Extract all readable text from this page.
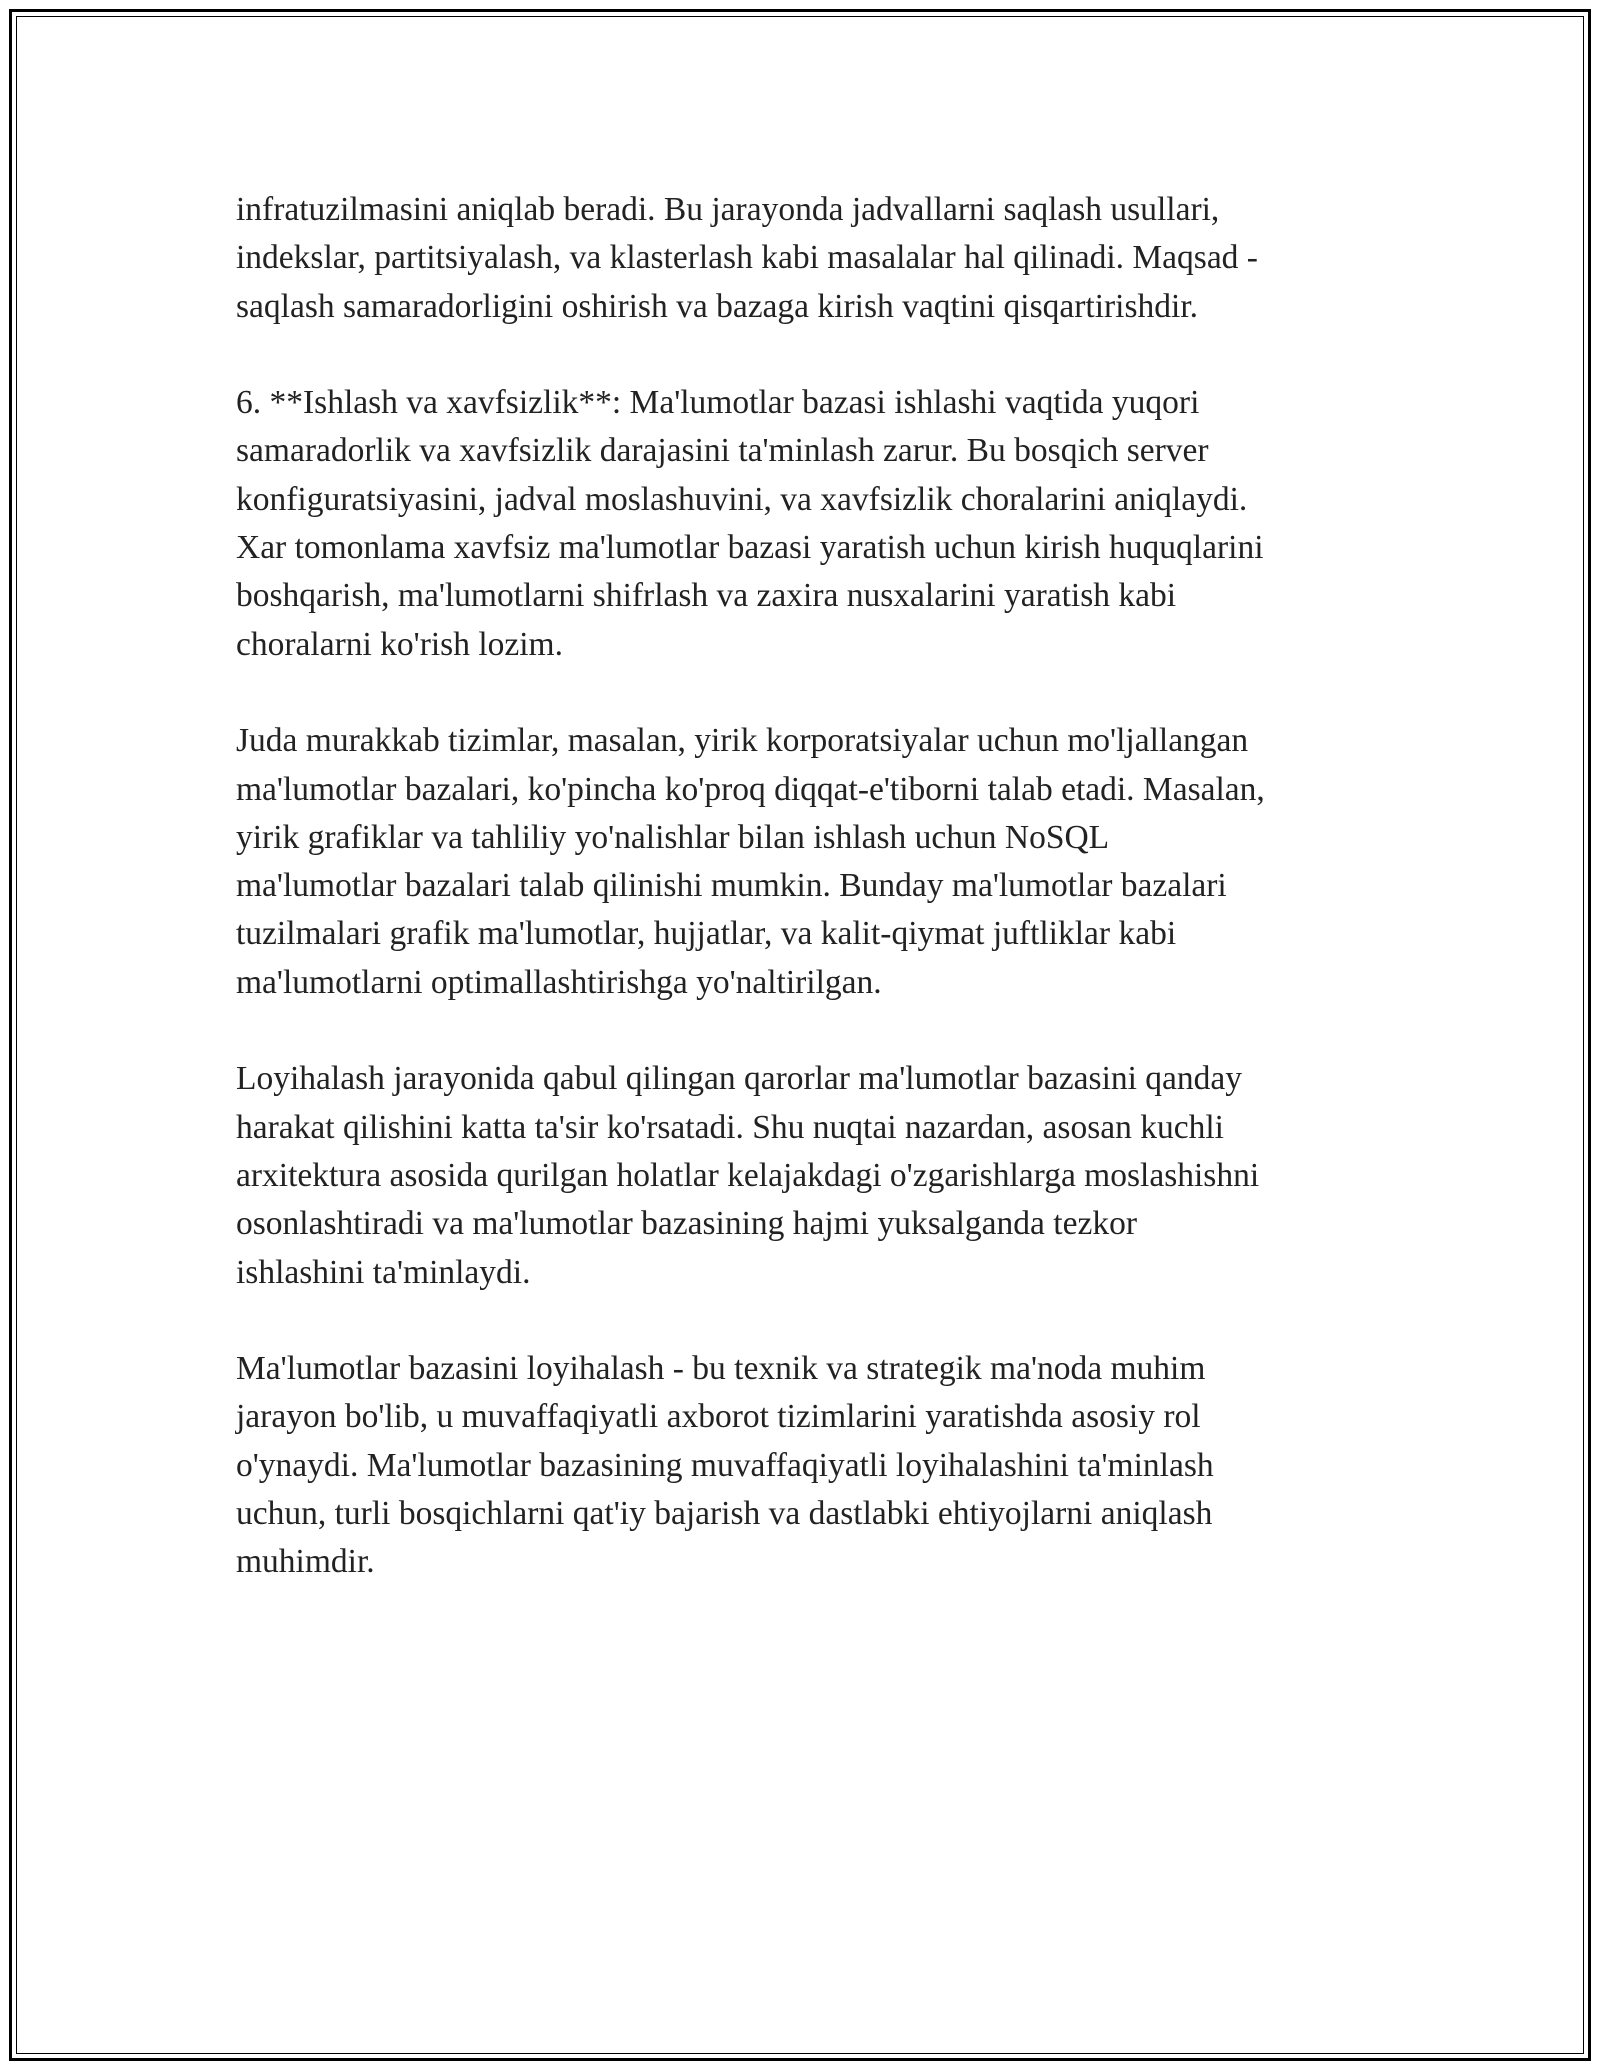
infratuzilmasini aniqlab beradi. Bu jarayonda jadvallarni saqlash usullari,
indekslar, partitsiyalash, va klasterlash kabi masalalar hal qilinadi. Maqsad -
saqlash samaradorligini oshirish va bazaga kirish vaqtini qisqartirishdir.

6. **Ishlash va xavfsizlik**: Ma'lumotlar bazasi ishlashi vaqtida yuqori
samaradorlik va xavfsizlik darajasini ta'minlash zarur. Bu bosqich server
konfiguratsiyasini, jadval moslashuvini, va xavfsizlik choralarini aniqlaydi.
Xar tomonlama xavfsiz ma'lumotlar bazasi yaratish uchun kirish huquqlarini
boshqarish, ma'lumotlarni shifrlash va zaxira nusxalarini yaratish kabi
choralarni ko'rish lozim.

Juda murakkab tizimlar, masalan, yirik korporatsiyalar uchun mo'ljallangan
ma'lumotlar bazalari, ko'pincha ko'proq diqqat-e'tiborni talab etadi. Masalan,
yirik grafiklar va tahliliy yo'nalishlar bilan ishlash uchun NoSQL
ma'lumotlar bazalari talab qilinishi mumkin. Bunday ma'lumotlar bazalari
tuzilmalari grafik ma'lumotlar, hujjatlar, va kalit-qiymat juftliklar kabi
ma'lumotlarni optimallashtirishga yo'naltirilgan.

Loyihalash jarayonida qabul qilingan qarorlar ma'lumotlar bazasini qanday
harakat qilishini katta ta'sir ko'rsatadi. Shu nuqtai nazardan, asosan kuchli
arxitektura asosida qurilgan holatlar kelajakdagi o'zgarishlarga moslashishni
osonlashtiradi va ma'lumotlar bazasining hajmi yuksalganda tezkor
ishlashini ta'minlaydi.

Ma'lumotlar bazasini loyihalash - bu texnik va strategik ma'noda muhim
jarayon bo'lib, u muvaffaqiyatli axborot tizimlarini yaratishda asosiy rol
o'ynaydi. Ma'lumotlar bazasining muvaffaqiyatli loyihalashini ta'minlash
uchun, turli bosqichlarni qat'iy bajarish va dastlabki ehtiyojlarni aniqlash
muhimdir.
